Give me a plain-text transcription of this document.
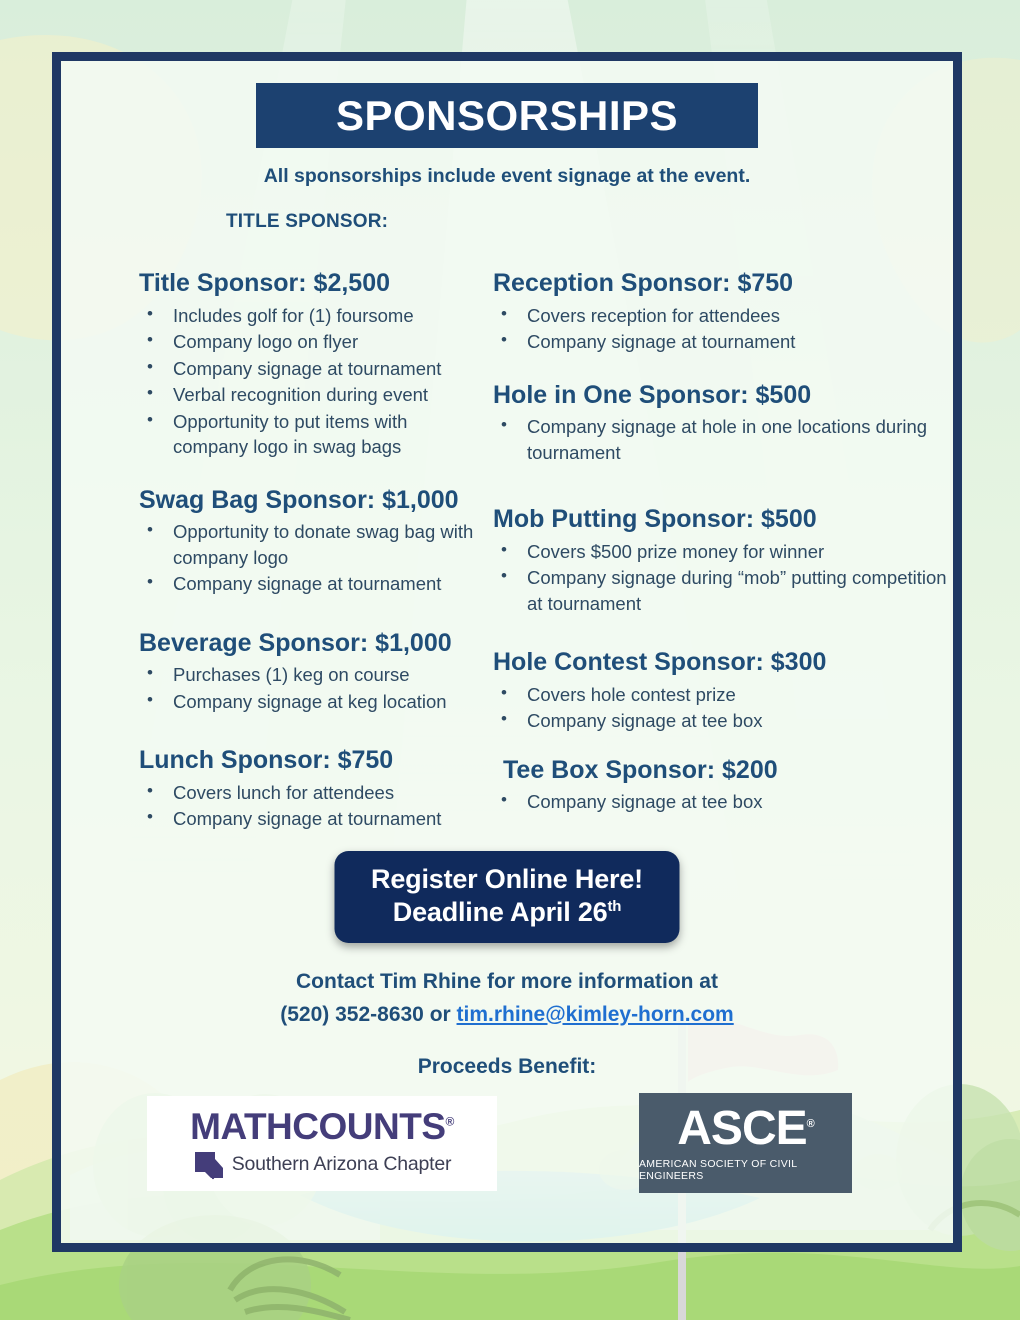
SPONSORSHIPS
All sponsorships include event signage at the event.
TITLE SPONSOR:
Title Sponsor: $2,500
• Includes golf for (1) foursome
• Company logo on flyer
• Company signage at tournament
• Verbal recognition during event
• Opportunity to put items with company logo in swag bags
Swag Bag Sponsor: $1,000
• Opportunity to donate swag bag with company logo
• Company signage at tournament
Beverage Sponsor: $1,000
• Purchases (1) keg on course
• Company signage at keg location
Lunch Sponsor: $750
• Covers lunch for attendees
• Company signage at tournament
Reception Sponsor: $750
• Covers reception for attendees
• Company signage at tournament
Hole in One Sponsor: $500
• Company signage at hole in one locations during tournament
Mob Putting Sponsor: $500
• Covers $500 prize money for winner
• Company signage during “mob” putting competition at tournament
Hole Contest Sponsor: $300
• Covers hole contest prize
• Company signage at tee box
Tee Box Sponsor: $200
• Company signage at tee box
Register Online Here!
Deadline April 26th
Contact Tim Rhine for more information at
(520) 352-8630 or tim.rhine@kimley-horn.com
Proceeds Benefit:
MATHCOUNTS®
Southern Arizona Chapter
ASCE®
AMERICAN SOCIETY OF CIVIL ENGINEERS
